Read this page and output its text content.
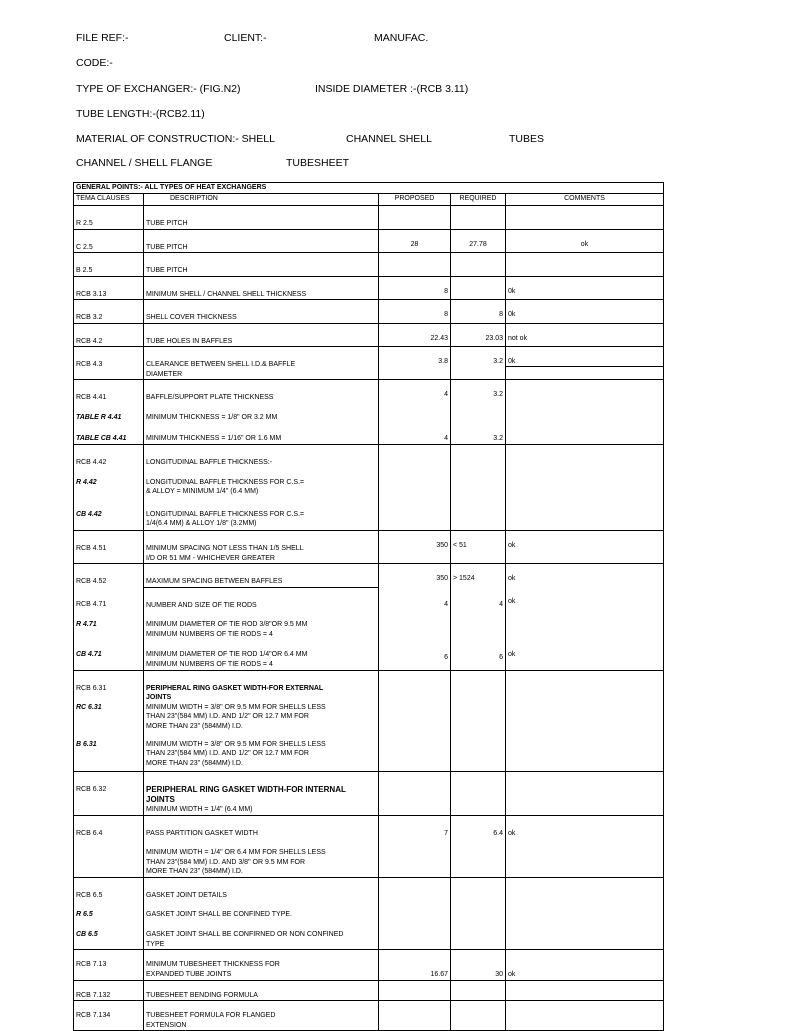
FILE REF:-	CLIENT:-	MANUFAC.
CODE:-
TYPE OF EXCHANGER:- (FIG.N2)	INSIDE DIAMETER :-(RCB 3.11)
TUBE LENGTH:-(RCB2.11)
MATERIAL OF CONSTRUCTION:- SHELL	CHANNEL SHELL	TUBES
CHANNEL / SHELL FLANGE	TUBESHEET
GENERAL POINTS:- ALL TYPES OF HEAT EXCHANGERS				
TEMA CLAUSES	DESCRIPTION	PROPOSED	REQUIRED	COMMENTS
R 2.5	TUBE PITCH			
C 2.5	TUBE PITCH	28	27.78	ok
B 2.5	TUBE PITCH			
RCB 3.13	MINIMUM SHELL / CHANNEL SHELL THICKNESS	8		0k
RCB 3.2	SHELL COVER THICKNESS	8	8	0k
RCB 4.2	TUBE HOLES IN BAFFLES	22.43	23.03	not ok
RCB 4.3	CLEARANCE BETWEEN SHELL I.D.& BAFFLE
DIAMETER	3.8	3.2	0k

RCB 4.41	BAFFLE/SUPPORT PLATE THICKNESS	4	3.2	
TABLE R 4.41	MINIMUM THICKNESS = 1/8" OR 3.2 MM			
TABLE CB 4.41	MINIMUM THICKNESS = 1/16" OR 1.6 MM	4	3.2	
RCB 4.42	LONGITUDINAL BAFFLE THICKNESS:-			
R 4.42	LONGITUDINAL BAFFLE THICKNESS FOR C.S.=
& ALLOY = MINIMUM 1/4" (6.4 MM)			

CB 4.42	LONGITUDINAL BAFFLE THICKNESS FOR C.S.=
1/4(6.4 MM) & ALLOY 1/8" (3.2MM)			

RCB 4.51	MINIMUM SPACING NOT LESS THAN 1/5 SHELL
I/D OR 51 MM - WHICHEVER GREATER	350	< 51	ok
RCB 4.52	MAXIMUM SPACING BETWEEN BAFFLES	350	> 1524	ok
RCB 4.71	NUMBER AND SIZE OF TIE RODS	4	4	ok
R 4.71	MINIMUM DIAMETER OF TIE ROD 3/8"OR 9.5 MM
MINIMUM NUMBERS OF TIE RODS = 4			

CB 4.71	MINIMUM DIAMETER OF TIE ROD 1/4"OR 6.4 MM
MINIMUM NUMBERS OF TIE RODS = 4	6	6	ok
RCB 6.31	PERIPHERAL RING GASKET WIDTH-FOR EXTERNAL
JOINTS			

RC 6.31	MINIMUM WIDTH = 3/8" OR 9.5 MM FOR SHELLS LESS
THAN 23"(584 MM) I.D. AND 1/2" OR 12.7 MM FOR
MORE THAN 23" (584MM) I.D.			

B 6.31	MINIMUM WIDTH = 3/8" OR 9.5 MM FOR SHELLS LESS
THAN 23"(584 MM) I.D. AND 1/2" OR 12.7 MM FOR
MORE THAN 23" (584MM) I.D.			

RCB 6.32	PERIPHERAL RING GASKET WIDTH-FOR INTERNAL
JOINTS
MINIMUM WIDTH = 1/4" (6.4 MM)			

RCB 6.4	PASS PARTITION GASKET WIDTH	7	6.4	ok

	MINIMUM WIDTH = 1/4" OR 6.4 MM FOR SHELLS LESS
THAN 23"(584 MM) I.D. AND 3/8" OR 9.5 MM FOR
MORE THAN 23" (584MM) I.D.			

RCB 6.5	GASKET JOINT DETAILS			
R 6.5	GASKET JOINT SHALL BE CONFINED TYPE.			
CB 6.5	GASKET JOINT SHALL BE CONFIRNED OR NON CONFINED
TYPE			

RCB 7.13	MINIMUM TUBESHEET THICKNESS FOR
EXPANDED TUBE JOINTS	16.67	30	ok
RCB 7.132	TUBESHEET BENDING FORMULA			
RCB 7.134	TUBESHEET FORMULA FOR FLANGED
EXTENSION			
